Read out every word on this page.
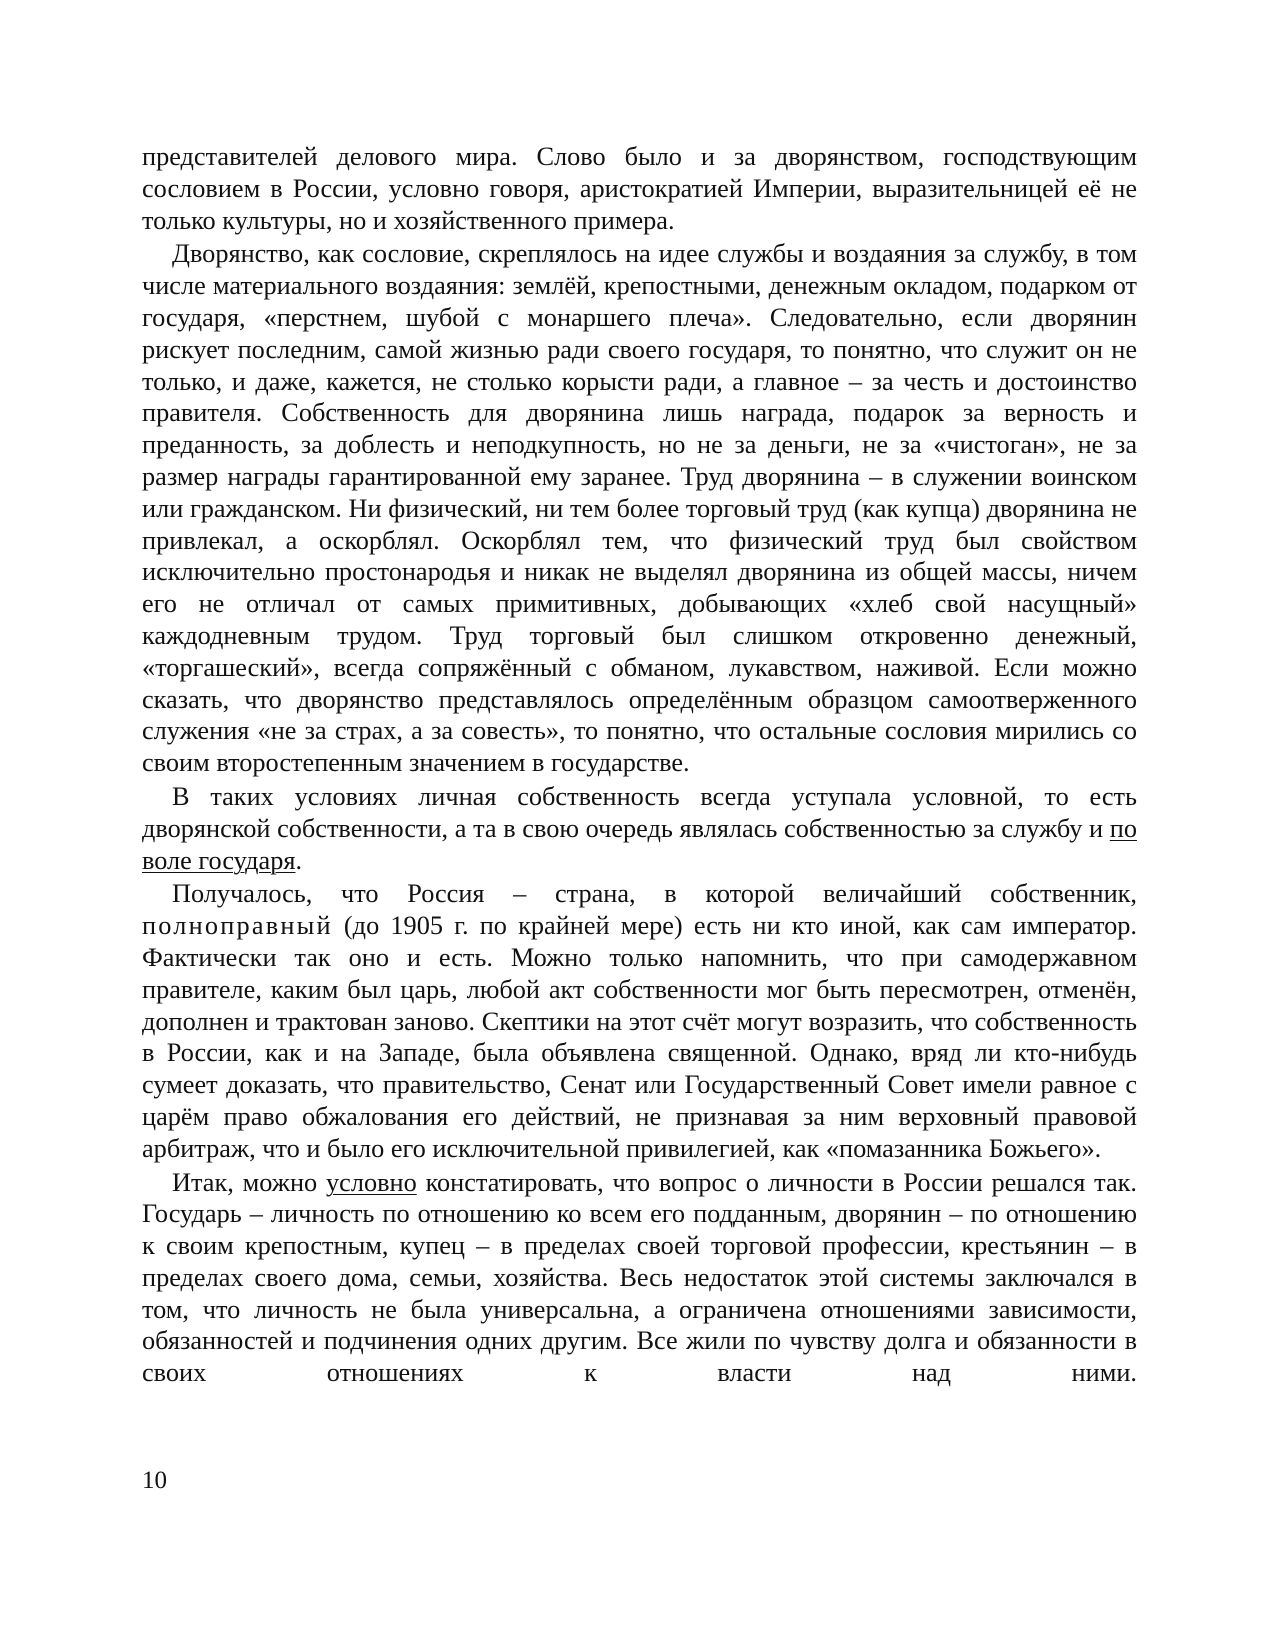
представителей делового мира. Слово было и за дворянством, господствующим сословием в России, условно говоря, аристократией Империи, выразительницей её не только культуры, но и хозяйственного примера.

Дворянство, как сословие, скреплялось на идее службы и воздаяния за службу, в том числе материального воздаяния: землёй, крепостными, денежным окладом, подарком от государя, «перстнем, шубой с монаршего плеча». Следовательно, если дворянин рискует последним, самой жизнью ради своего государя, то понятно, что служит он не только, и даже, кажется, не столько корысти ради, а главное – за честь и достоинство правителя. Собственность для дворянина лишь награда, подарок за верность и преданность, за доблесть и неподкупность, но не за деньги, не за «чистоган», не за размер награды гарантированной ему заранее. Труд дворянина – в служении воинском или гражданском. Ни физический, ни тем более торговый труд (как купца) дворянина не привлекал, а оскорблял. Оскорблял тем, что физический труд был свойством исключительно простонародья и никак не выделял дворянина из общей массы, ничем его не отличал от самых примитивных, добывающих «хлеб свой насущный» каждодневным трудом. Труд торговый был слишком откровенно денежный, «торгашеский», всегда сопряжённый с обманом, лукавством, наживой. Если можно сказать, что дворянство представлялось определённым образцом самоотверженного служения «не за страх, а за совесть», то понятно, что остальные сословия мирились со своим второстепенным значением в государстве.

В таких условиях личная собственность всегда уступала условной, то есть дворянской собственности, а та в свою очередь являлась собственностью за службу и по воле государя.

Получалось, что Россия – страна, в которой величайший собственник, полноправный (до 1905 г. по крайней мере) есть ни кто иной, как сам император. Фактически так оно и есть. Можно только напомнить, что при самодержавном правителе, каким был царь, любой акт собственности мог быть пересмотрен, отменён, дополнен и трактован заново. Скептики на этот счёт могут возразить, что собственность в России, как и на Западе, была объявлена священной. Однако, вряд ли кто-нибудь сумеет доказать, что правительство, Сенат или Государственный Совет имели равное с царём право обжалования его действий, не признавая за ним верховный правовой арбитраж, что и было его исключительной привилегией, как «помазанника Божьего».

Итак, можно условно констатировать, что вопрос о личности в России решался так. Государь – личность по отношению ко всем его подданным, дворянин – по отношению к своим крепостным, купец – в пределах своей торговой профессии, крестьянин – в пределах своего дома, семьи, хозяйства. Весь недостаток этой системы заключался в том, что личность не была универсальна, а ограничена отношениями зависимости, обязанностей и подчинения одних другим. Все жили по чувству долга и обязанности в своих отношениях к власти над ними.

10
